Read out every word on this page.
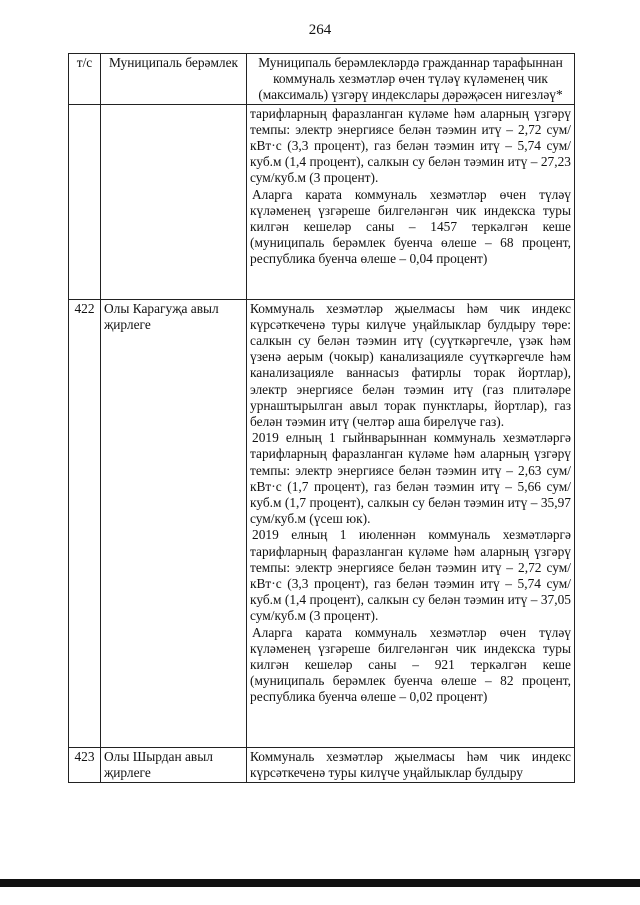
264
т/с	Муниципаль берәмлек	Муниципаль берәмлекләрдә гражданнар тарафыннан коммуналь хезмәтләр өчен түләү күләменең чик (максималь) үзгәрү индекслары дәрәҗәсен нигезләү*

		тарифларның фаразланган күләме һәм аларның үзгәрү темпы: электр энергиясе белән тәэмин итү – 2,72 сум/кВт·с (3,3 процент), газ белән тәэмин итү – 5,74 сум/куб.м (1,4 процент), салкын су белән тәэмин итү – 27,23 сум/куб.м (3 процент).

Аларга карата коммуналь хезмәтләр өчен түләү күләменең үзгәреше билгеләнгән чик индекска туры килгән кешеләр саны – 1457 теркәлгән кеше (муниципаль берәмлек буенча өлеше – 68 процент, республика буенча өлеше – 0,04 процент)

422	Олы Карагуҗа авыл җирлеге	Коммуналь хезмәтләр җыелмасы һәм чик индекс күрсәткеченә туры килүче уңайлыклар булдыру төре: салкын су белән тәэмин итү (суүткәргечле, үзәк һәм үзенә аерым (чокыр) канализацияле суүткәргечле һәм канализацияле ваннасыз фатирлы торак йортлар), электр энергиясе белән тәэмин итү (газ плитәләре урнаштырылган авыл торак пунктлары, йортлар), газ белән тәэмин итү (челтәр аша бирелүче газ).

2019 елның 1 гыйнварыннан коммуналь хезмәтләргә тарифларның фаразланган күләме һәм аларның үзгәрү темпы: электр энергиясе белән тәэмин итү – 2,63 сум/кВт·с (1,7 процент), газ белән тәэмин итү – 5,66 сум/куб.м (1,7 процент), салкын су белән тәэмин итү – 35,97 сум/куб.м (үсеш юк).

2019 елның 1 июленнән коммуналь хезмәтләргә тарифларның фаразланган күләме һәм аларның үзгәрү темпы: электр энергиясе белән тәэмин итү – 2,72 сум/кВт·с (3,3 процент), газ белән тәэмин итү – 5,74 сум/куб.м (1,4 процент), салкын су белән тәэмин итү – 37,05 сум/куб.м (3 процент).

Аларга карата коммуналь хезмәтләр өчен түләү күләменең үзгәреше билгеләнгән чик индекска туры килгән кешеләр саны – 921 теркәлгән кеше (муниципаль берәмлек буенча өлеше – 82 процент, республика буенча өлеше – 0,02 процент)

423	Олы Шырдан авыл җирлеге	Коммуналь хезмәтләр җыелмасы һәм чик индекс күрсәткеченә туры килүче уңайлыклар булдыру
